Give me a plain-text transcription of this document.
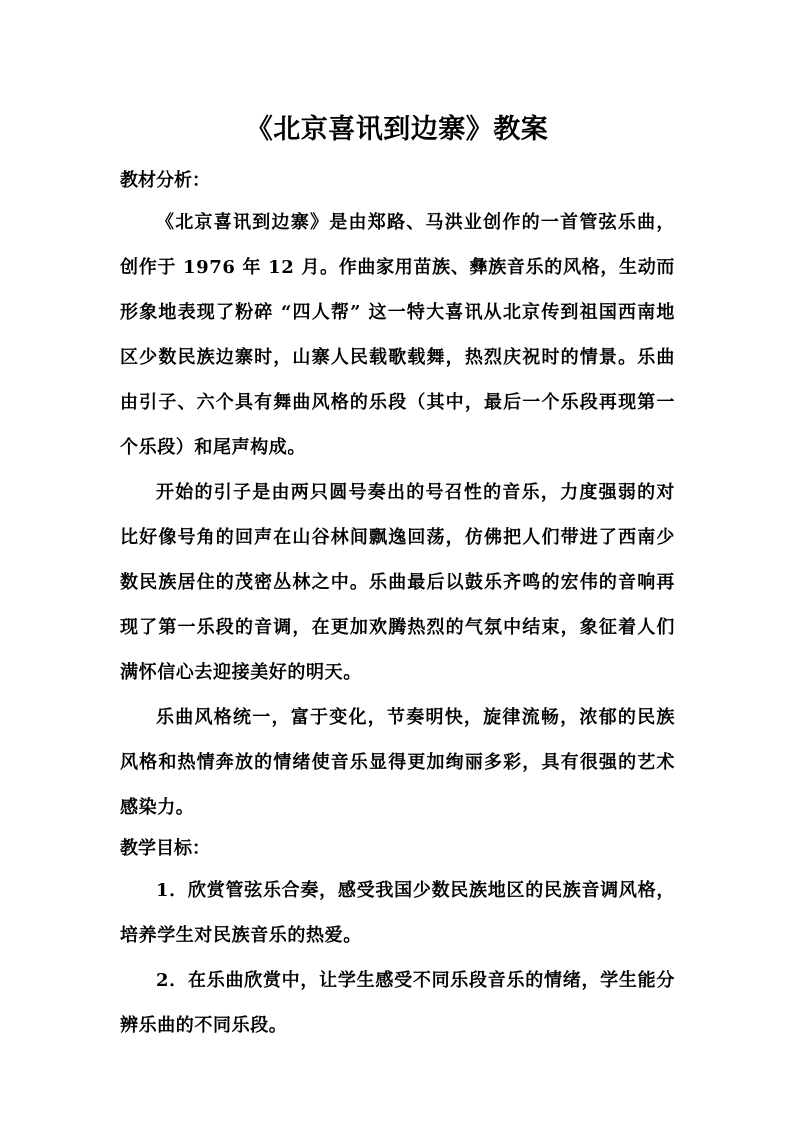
《北京喜讯到边寨》教案

教材分析：

《北京喜讯到边寨》是由郑路、马洪业创作的一首管弦乐曲，创作于 1976 年 12 月。作曲家用苗族、彝族音乐的风格，生动而形象地表现了粉碎 “四人帮” 这一特大喜讯从北京传到祖国西南地区少数民族边寨时，山寨人民载歌载舞，热烈庆祝时的情景。乐曲由引子、六个具有舞曲风格的乐段（其中，最后一个乐段再现第一个乐段）和尾声构成。

开始的引子是由两只圆号奏出的号召性的音乐，力度强弱的对比好像号角的回声在山谷林间飘逸回荡，仿佛把人们带进了西南少数民族居住的茂密丛林之中。乐曲最后以鼓乐齐鸣的宏伟的音响再现了第一乐段的音调，在更加欢腾热烈的气氛中结束，象征着人们满怀信心去迎接美好的明天。

乐曲风格统一，富于变化，节奏明快，旋律流畅，浓郁的民族风格和热情奔放的情绪使音乐显得更加绚丽多彩，具有很强的艺术感染力。

教学目标：

1．欣赏管弦乐合奏，感受我国少数民族地区的民族音调风格，培养学生对民族音乐的热爱。

2．在乐曲欣赏中，让学生感受不同乐段音乐的情绪，学生能分辨乐曲的不同乐段。
